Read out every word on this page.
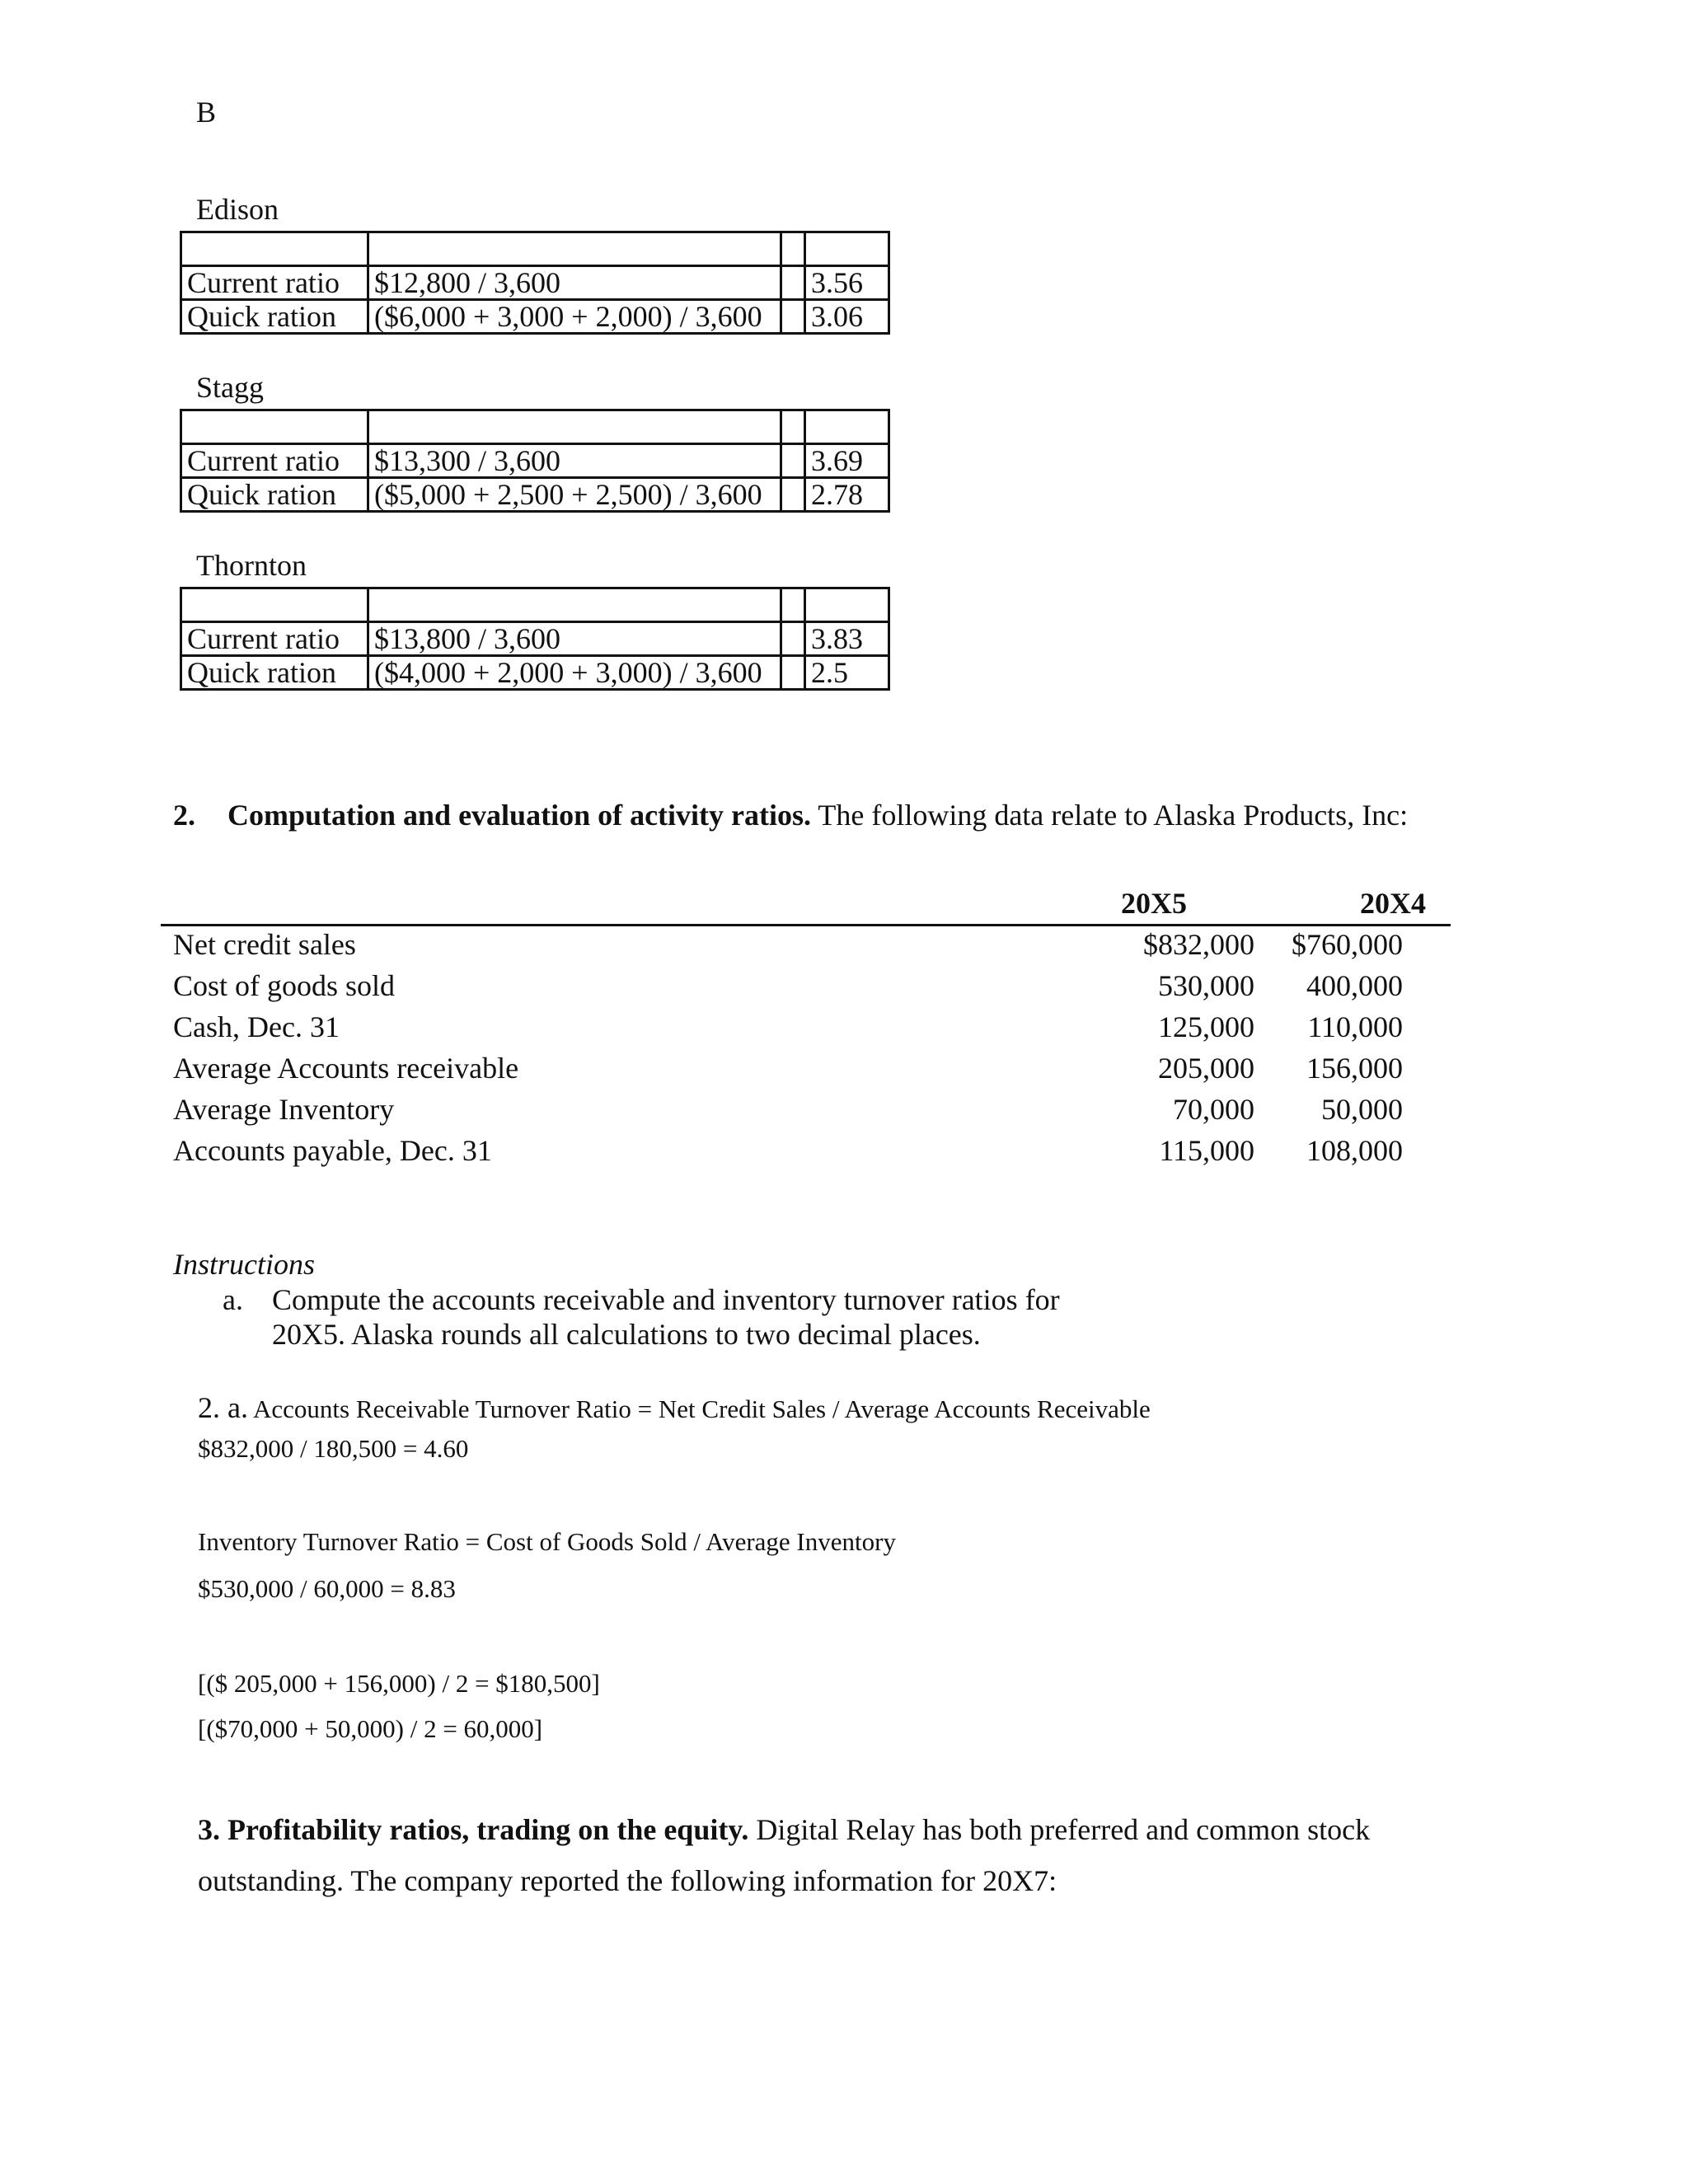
B
Edison

Current ratio	$12,800 / 3,600		3.56
Quick ration	($6,000 + 3,000 + 2,000) / 3,600		3.06
Stagg

Current ratio	$13,300 / 3,600		3.69
Quick ration	($5,000 + 2,500 + 2,500) / 3,600		2.78
Thornton

Current ratio	$13,800 / 3,600		3.83
Quick ration	($4,000 + 2,000 + 3,000) / 3,600		2.5
2. Computation and evaluation of activity ratios. The following data relate to Alaska Products, Inc:
20X5	20X4
Net credit sales	$832,000	$760,000
Cost of goods sold	530,000	400,000
Cash, Dec. 31	125,000	110,000
Average Accounts receivable	205,000	156,000
Average Inventory	70,000	50,000
Accounts payable, Dec. 31	115,000	108,000
Instructions
a. Compute the accounts receivable and inventory turnover ratios for
20X5. Alaska rounds all calculations to two decimal places.
2. a. Accounts Receivable Turnover Ratio = Net Credit Sales / Average Accounts Receivable
$832,000 / 180,500 = 4.60
Inventory Turnover Ratio = Cost of Goods Sold / Average Inventory
$530,000 / 60,000 = 8.83
[($ 205,000 + 156,000) / 2 = $180,500]
[($70,000 + 50,000) / 2 = 60,000]
3. Profitability ratios, trading on the equity. Digital Relay has both preferred and common stock
outstanding. The company reported the following information for 20X7:
